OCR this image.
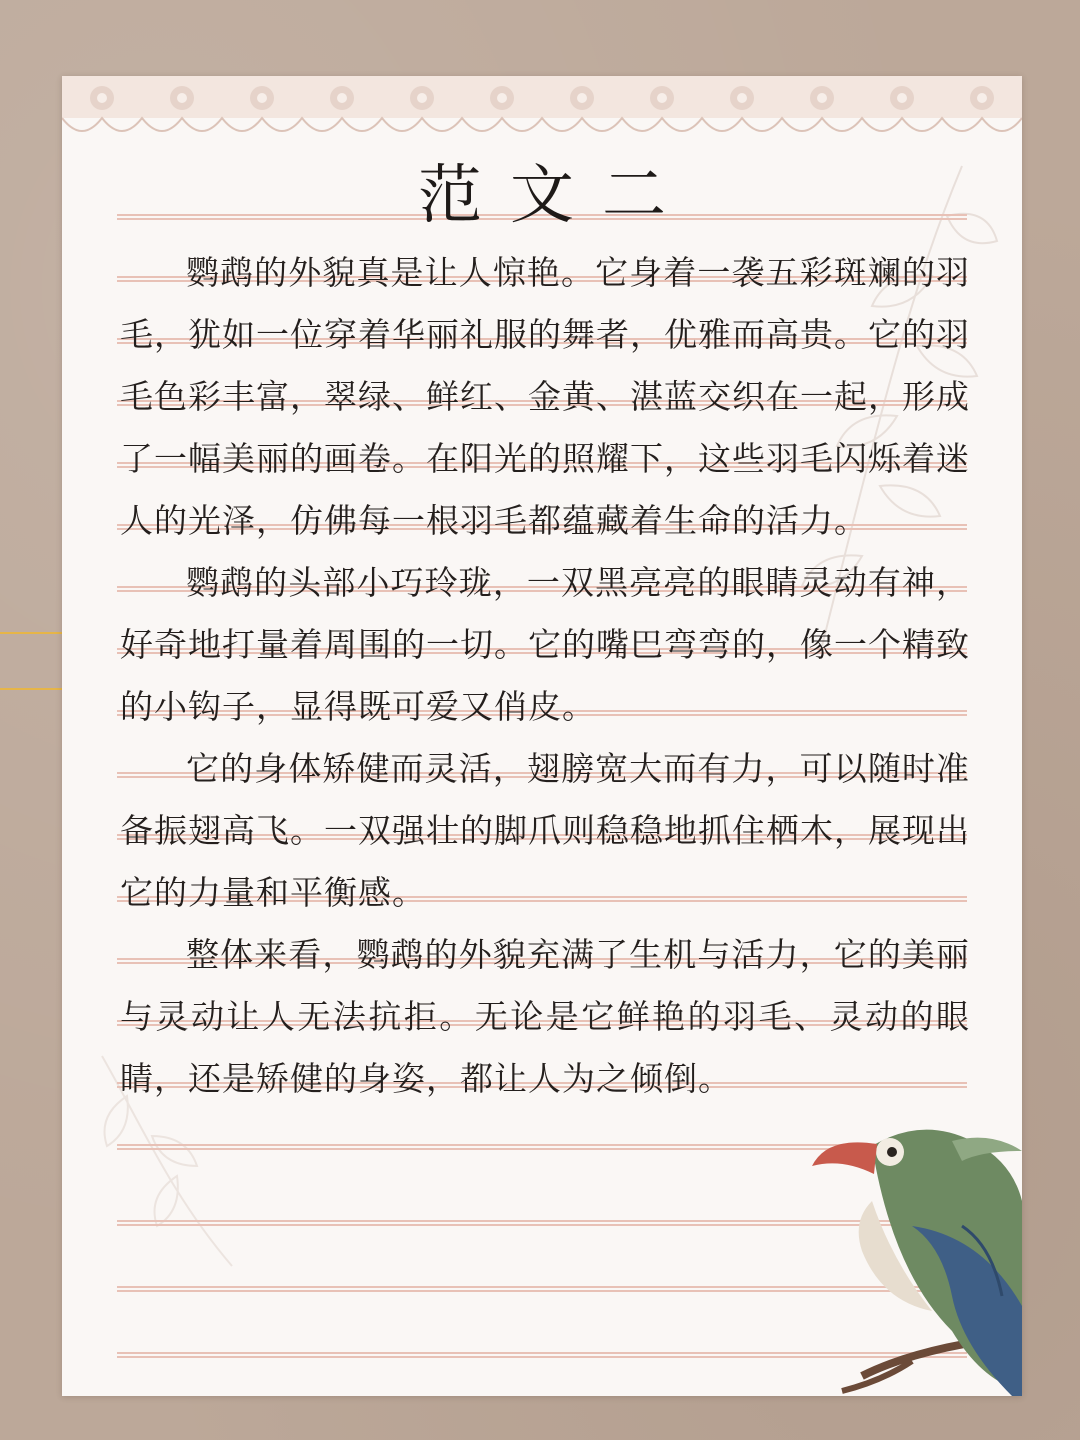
范文二

鹦鹉的外貌真是让人惊艳。它身着一袭五彩斑斓的羽毛，犹如一位穿着华丽礼服的舞者，优雅而高贵。它的羽毛色彩丰富，翠绿、鲜红、金黄、湛蓝交织在一起，形成了一幅美丽的画卷。在阳光的照耀下，这些羽毛闪烁着迷人的光泽，仿佛每一根羽毛都蕴藏着生命的活力。

鹦鹉的头部小巧玲珑，一双黑亮亮的眼睛灵动有神，好奇地打量着周围的一切。它的嘴巴弯弯的，像一个精致的小钩子，显得既可爱又俏皮。

它的身体矫健而灵活，翅膀宽大而有力，可以随时准备振翅高飞。一双强壮的脚爪则稳稳地抓住栖木，展现出它的力量和平衡感。

整体来看，鹦鹉的外貌充满了生机与活力，它的美丽与灵动让人无法抗拒。无论是它鲜艳的羽毛、灵动的眼睛，还是矫健的身姿，都让人为之倾倒。
